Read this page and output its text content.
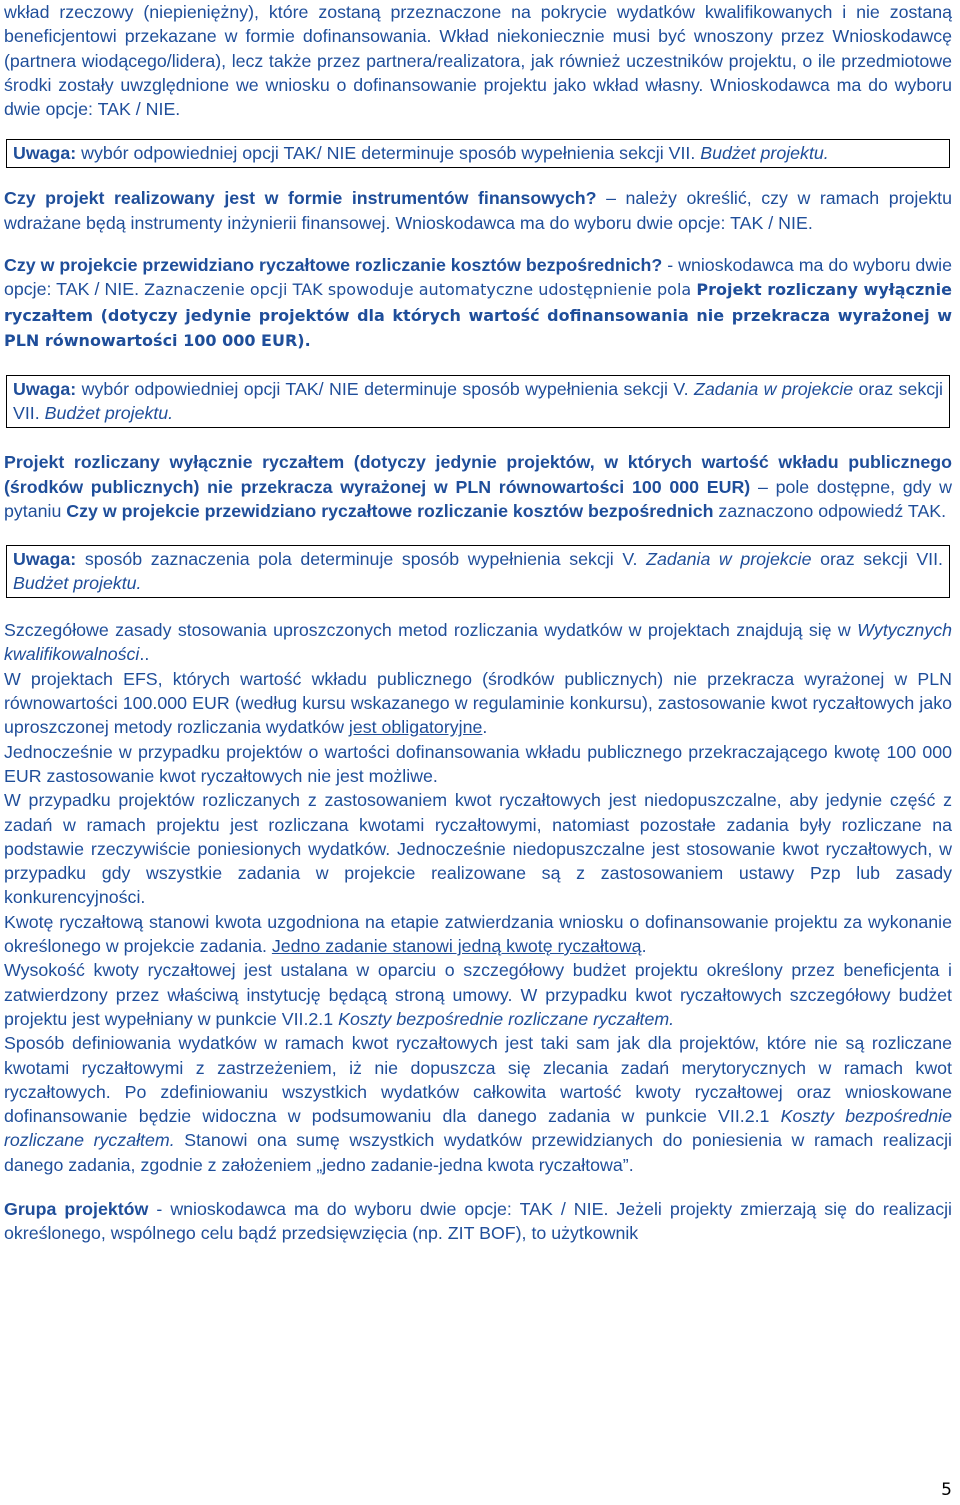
wkład rzeczowy (niepieniężny), które zostaną przeznaczone na pokrycie wydatków kwalifikowanych i nie zostaną beneficjentowi przekazane w formie dofinansowania. Wkład niekoniecznie musi być wnoszony przez Wnioskodawcę (partnera wiodącego/lidera), lecz także przez partnera/realizatora, jak również uczestników projektu, o ile przedmiotowe środki zostały uwzględnione we wniosku o dofinansowanie projektu jako wkład własny. Wnioskodawca ma do wyboru dwie opcje: TAK / NIE.

Uwaga: wybór odpowiedniej opcji TAK/ NIE determinuje sposób wypełnienia sekcji VII. Budżet projektu.

Czy projekt realizowany jest w formie instrumentów finansowych? – należy określić, czy w ramach projektu wdrażane będą instrumenty inżynierii finansowej. Wnioskodawca ma do wyboru dwie opcje: TAK / NIE.

Czy w projekcie przewidziano ryczałtowe rozliczanie kosztów bezpośrednich? - wnioskodawca ma do wyboru dwie opcje: TAK / NIE. Zaznaczenie opcji TAK spowoduje automatyczne udostępnienie pola Projekt rozliczany wyłącznie ryczałtem (dotyczy jedynie projektów dla których wartość dofinansowania nie przekracza wyrażonej w PLN równowartości 100 000 EUR).

Uwaga: wybór odpowiedniej opcji TAK/ NIE determinuje sposób wypełnienia sekcji V. Zadania w projekcie oraz sekcji VII. Budżet projektu.

Projekt rozliczany wyłącznie ryczałtem (dotyczy jedynie projektów, w których wartość wkładu publicznego (środków publicznych) nie przekracza wyrażonej w PLN równowartości 100 000 EUR) – pole dostępne, gdy w pytaniu Czy w projekcie przewidziano ryczałtowe rozliczanie kosztów bezpośrednich zaznaczono odpowiedź TAK.

Uwaga: sposób zaznaczenia pola determinuje sposób wypełnienia sekcji V. Zadania w projekcie oraz sekcji VII. Budżet projektu.

Szczegółowe zasady stosowania uproszczonych metod rozliczania wydatków w projektach znajdują się w Wytycznych kwalifikowalności..

W projektach EFS, których wartość wkładu publicznego (środków publicznych) nie przekracza wyrażonej w PLN równowartości 100.000 EUR (według kursu wskazanego w regulaminie konkursu), zastosowanie kwot ryczałtowych jako uproszczonej metody rozliczania wydatków jest obligatoryjne.

Jednocześnie w przypadku projektów o wartości dofinansowania wkładu publicznego przekraczającego kwotę 100 000 EUR zastosowanie kwot ryczałtowych nie jest możliwe.

W przypadku projektów rozliczanych z zastosowaniem kwot ryczałtowych jest niedopuszczalne, aby jedynie część z zadań w ramach projektu jest rozliczana kwotami ryczałtowymi, natomiast pozostałe zadania były rozliczane na podstawie rzeczywiście poniesionych wydatków. Jednocześnie niedopuszczalne jest stosowanie kwot ryczałtowych, w przypadku gdy wszystkie zadania w projekcie realizowane są z zastosowaniem ustawy Pzp lub zasady konkurencyjności.

Kwotę ryczałtową stanowi kwota uzgodniona na etapie zatwierdzania wniosku o dofinansowanie projektu za wykonanie określonego w projekcie zadania. Jedno zadanie stanowi jedną kwotę ryczałtową.

Wysokość kwoty ryczałtowej jest ustalana w oparciu o szczegółowy budżet projektu określony przez beneficjenta i zatwierdzony przez właściwą instytucję będącą stroną umowy. W przypadku kwot ryczałtowych szczegółowy budżet projektu jest wypełniany w punkcie VII.2.1 Koszty bezpośrednie rozliczane ryczałtem.

Sposób definiowania wydatków w ramach kwot ryczałtowych jest taki sam jak dla projektów, które nie są rozliczane kwotami ryczałtowymi z zastrzeżeniem, iż nie dopuszcza się zlecania zadań merytorycznych w ramach kwot ryczałtowych. Po zdefiniowaniu wszystkich wydatków całkowita wartość kwoty ryczałtowej oraz wnioskowane dofinansowanie będzie widoczna w podsumowaniu dla danego zadania w punkcie VII.2.1 Koszty bezpośrednie rozliczane ryczałtem. Stanowi ona sumę wszystkich wydatków przewidzianych do poniesienia w ramach realizacji danego zadania, zgodnie z założeniem „jedno zadanie-jedna kwota ryczałtowa”.

Grupa projektów - wnioskodawca ma do wyboru dwie opcje: TAK / NIE. Jeżeli projekty zmierzają się do realizacji określonego, wspólnego celu bądź przedsięwzięcia (np. ZIT BOF), to użytkownik

5
